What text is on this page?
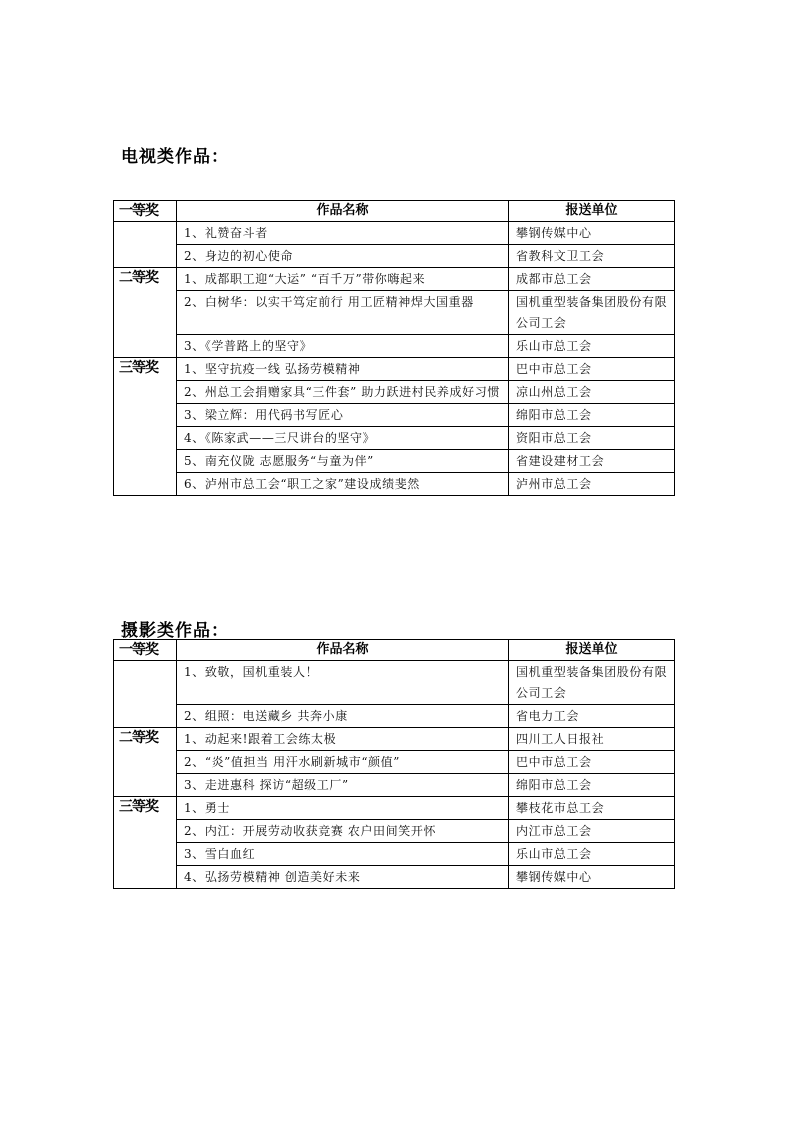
电视类作品：
一等奖	作品名称	报送单位
	1、礼赞奋斗者	攀钢传媒中心
	2、身边的初心使命	省教科文卫工会
二等奖	1、成都职工迎“大运” “百千万”带你嗨起来	成都市总工会
	2、白树华：以实干笃定前行 用工匠精神焊大国重器	国机重型装备集团股份有限公司工会
	3、《学普路上的坚守》	乐山市总工会
三等奖	1、坚守抗疫一线 弘扬劳模精神	巴中市总工会
	2、州总工会捐赠家具“三件套” 助力跃进村民养成好习惯	凉山州总工会
	3、梁立辉：用代码书写匠心	绵阳市总工会
	4、《陈家武——三尺讲台的坚守》	资阳市总工会
	5、南充仪陇 志愿服务“与童为伴”	省建设建材工会
	6、泸州市总工会“职工之家”建设成绩斐然	泸州市总工会
摄影类作品：
一等奖	作品名称	报送单位
	1、致敬，国机重装人！	国机重型装备集团股份有限公司工会
	2、组照：电送藏乡 共奔小康	省电力工会
二等奖	1、动起来!跟着工会练太极	四川工人日报社
	2、“炎”值担当 用汗水刷新城市“颜值”	巴中市总工会
	3、走进惠科 探访“超级工厂”	绵阳市总工会
三等奖	1、勇士	攀枝花市总工会
	2、内江：开展劳动收获竞赛 农户田间笑开怀	内江市总工会
	3、雪白血红	乐山市总工会
	4、弘扬劳模精神 创造美好未来	攀钢传媒中心
